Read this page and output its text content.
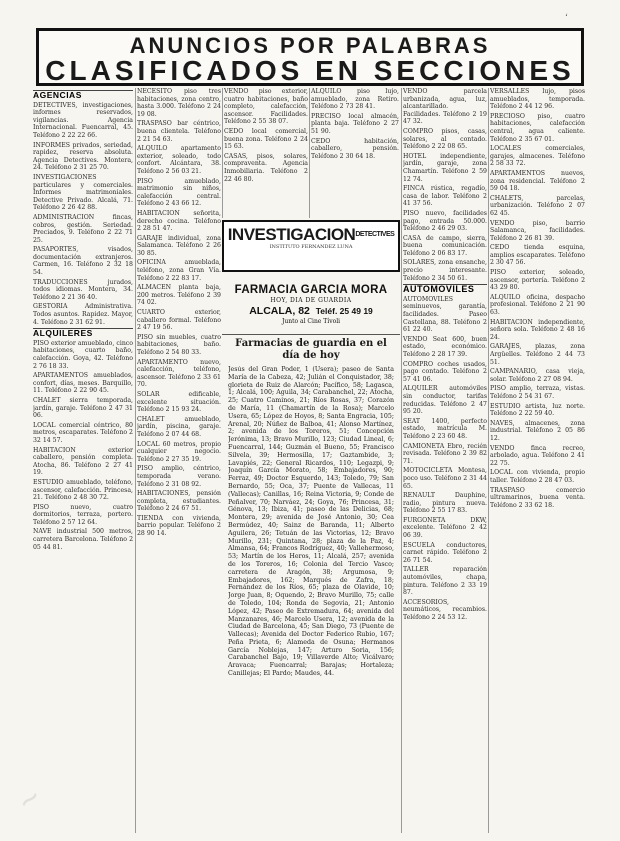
‘
ANUNCIOS POR PALABRAS
CLASIFICADOS EN SECCIONES
AGENCIAS

DETECTIVES, investigaciones, informes reservados, vigilancias. Agencia Internacional. Fuencarral, 45. Teléfono 2 22 22 66.

INFORMES privados, seriedad, rapidez, reserva absoluta. Agencia Detectives. Montera, 24. Teléfono 2 31 25 70.

INVESTIGACIONES particulares y comerciales. Informes matrimoniales. Detective Privado. Alcalá, 71. Teléfono 2 26 42 88.

ADMINISTRACION fincas, cobros, gestión. Seriedad. Preciados, 9. Teléfono 2 22 71 25.

PASAPORTES, visados, documentación extranjeros. Carmen, 16. Teléfono 2 32 18 54.

TRADUCCIONES jurados, todos idiomas. Montera, 34. Teléfono 2 21 36 40.

GESTORIA Administrativa. Todos asuntos. Rapidez. Mayor, 4. Teléfono 2 31 62 91.

ALQUILERES

PISO exterior amueblado, cinco habitaciones, cuarto baño, calefacción. Goya, 42. Teléfono 2 76 18 33.

APARTAMENTOS amueblados, confort, días, meses. Barquillo, 11. Teléfono 2 22 90 45.

CHALET sierra temporada, jardín, garaje. Teléfono 2 47 31 06.

LOCAL comercial céntrico, 80 metros, escaparates. Teléfono 2 32 14 57.

HABITACION exterior caballero, pensión completa. Atocha, 86. Teléfono 2 27 41 19.

ESTUDIO amueblado, teléfono, ascensor, calefacción. Princesa, 21. Teléfono 2 48 30 72.

PISO nuevo, cuatro dormitorios, terraza, portero. Teléfono 2 57 12 64.

NAVE industrial 500 metros, carretera Barcelona. Teléfono 2 05 44 81.

NECESITO piso tres habitaciones, zona centro, hasta 3.000. Teléfono 2 24 19 08.

TRASPASO bar céntrico, buena clientela. Teléfono 2 21 54 63.

ALQUILO apartamento exterior, soleado, todo confort. Alcántara, 38. Teléfono 2 56 03 21.

PISO amueblado, matrimonio sin niños, calefacción central. Teléfono 2 43 66 12.

HABITACION señorita, derecho cocina. Teléfono 2 28 51 47.

GARAJE individual, zona Salamanca. Teléfono 2 26 30 85.

OFICINA amueblada, teléfono, zona Gran Vía. Teléfono 2 22 83 17.

ALMACEN planta baja, 200 metros. Teléfono 2 39 74 02.

CUARTO exterior, caballero formal. Teléfono 2 47 19 56.

PISO sin muebles, cuatro habitaciones, baño. Teléfono 2 54 80 33.

APARTAMENTO nuevo, calefacción, teléfono, ascensor. Teléfono 2 33 61 70.

SOLAR edificable, excelente situación. Teléfono 2 15 93 24.

CHALET amueblado, jardín, piscina, garaje. Teléfono 2 07 44 68.

LOCAL 60 metros, propio cualquier negocio. Teléfono 2 27 35 19.

PISO amplio, céntrico, temporada verano. Teléfono 2 31 08 92.

HABITACIONES, pensión completa, estudiantes. Teléfono 2 24 67 51.

TIENDA con vivienda, barrio popular. Teléfono 2 28 90 14.

VENDO piso exterior, cuatro habitaciones, baño completo, calefacción, ascensor. Facilidades. Teléfono 2 55 38 07.

CEDO local comercial, buena zona. Teléfono 2 24 15 63.

CASAS, pisos, solares, compraventa. Agencia Inmobiliaria. Teléfono 2 22 46 80.

ALQUILO piso lujo, amueblado, zona Retiro. Teléfono 2 73 28 41.

PRECISO local almacén, planta baja. Teléfono 2 27 51 90.

CEDO habitación, caballero, pensión. Teléfono 2 30 64 18.

$INVESTIGACION^{DETECTIVES}$
INSTITUTO FERNANDEZ LUNA
FARMACIA GARCIA MORA
HOY, DIA DE GUARDIA
ALCALA, 82 Teléf. 25 49 19
Junto al Cine Tívoli
Farmacias de guardia en el día de hoy
Jesús del Gran Poder, 1 (Usera); paseo de Santa María de la Cabeza, 42; Julián el Conquistador, 38; glorieta de Ruiz de Alarcón; Pacífico, 58; Lagasca, 1; Alcalá, 100; Aguila, 34; Carabanchel, 22; Atocha, 25; Cuatro Caminos, 21; Ríos Rosas, 37; Corazón de María, 11 (Chamartín de la Rosa); Marcelo Usera, 65; López de Hoyos, 8; Santa Engracia, 105; Arenal, 20; Núñez de Balboa, 41; Alonso Martínez, 2; avenida de los Toreros, 51; Concepción Jerónima, 13; Bravo Murillo, 123; Ciudad Lineal, 6; Fuencarral, 144; Guzmán el Bueno, 55; Francisco Silvela, 39; Hermosilla, 17; Gaztambide, 3; Lavapiés, 22; General Ricardos, 110; Legazpi, 9; Joaquín García Morato, 58; Embajadores, 90; Ferraz, 49; Doctor Esquerdo, 143; Toledo, 79; San Bernardo, 55; Oca, 37; Puente de Vallecas, 11 (Vallecas); Canillas, 16; Reina Victoria, 9; Conde de Peñalver, 70; Narváez, 24; Goya, 76; Princesa, 31; Génova, 13; Ibiza, 41; paseo de las Delicias, 68; Montera, 29; avenida de José Antonio, 30; Cea Bermúdez, 40; Sainz de Baranda, 11; Alberto Aguilera, 26; Tetuán de las Victorias, 12; Bravo Murillo, 231; Quintana, 28; plaza de la Paz, 4; Almansa, 64; Francos Rodríguez, 40; Vallehermoso, 53; Martín de los Heros, 11; Alcalá, 257; avenida de los Toreros, 16; Colonia del Tercio Vasco; carretera de Aragón, 38; Argumosa, 9; Embajadores, 162; Marqués de Zafra, 18; Fernández de los Ríos, 65; plaza de Olavide, 10; Jorge Juan, 8; Oquendo, 2; Bravo Murillo, 75; calle de Toledo, 104; Ronda de Segovia, 21; Antonio López, 42; Paseo de Extremadura, 64; avenida del Manzanares, 46; Marcelo Usera, 12; avenida de la Ciudad de Barcelona, 45; San Diego, 73 (Puente de Vallecas); Avenida del Doctor Federico Rubio, 167; Peña Prieta, 6; Alameda de Osuna; Hermanos García Noblejas, 147; Arturo Soria, 156; Carabanchel Bajo, 19; Villaverde Alto; Vicálvaro; Aravaca; Fuencarral; Barajas; Hortaleza; Canillejas; El Pardo; Maudes, 44.

VENDO parcela urbanizada, agua, luz, alcantarillado. Facilidades. Teléfono 2 19 47 32.

COMPRO pisos, casas, solares, al contado. Teléfono 2 22 08 65.

HOTEL independiente, jardín, garaje, zona Chamartín. Teléfono 2 59 12 74.

FINCA rústica, regadío, casa de labor. Teléfono 2 41 37 56.

PISO nuevo, facilidades pago, entrada 50.000. Teléfono 2 46 29 03.

CASA de campo, sierra, buena comunicación. Teléfono 2 06 83 17.

SOLARES, zona ensanche, precio interesante. Teléfono 2 34 50 61.

AUTOMOVILES

AUTOMOVILES seminuevos, garantía, facilidades. Paseo Castellana, 88. Teléfono 2 61 22 40.

VENDO Seat 600, buen estado, económico. Teléfono 2 28 17 39.

COMPRO coches usados, pago contado. Teléfono 2 57 41 06.

ALQUILER automóviles sin conductor, tarifas reducidas. Teléfono 2 47 95 20.

SEAT 1400, perfecto estado, matrícula M. Teléfono 2 23 60 48.

CAMIONETA Ebro, recién revisada. Teléfono 2 39 82 71.

MOTOCICLETA Montesa, poco uso. Teléfono 2 31 44 65.

RENAULT Dauphine, radio, pintura nueva. Teléfono 2 55 17 83.

FURGONETA DKW, excelente. Teléfono 2 42 06 39.

ESCUELA conductores, carnet rápido. Teléfono 2 26 71 54.

TALLER reparación automóviles, chapa, pintura. Teléfono 2 33 19 87.

ACCESORIOS, neumáticos, recambios. Teléfono 2 24 53 12.

VERSALLES lujo, pisos amueblados, temporada. Teléfono 2 44 12 96.

PRECIOSO piso, cuatro habitaciones, calefacción central, agua caliente. Teléfono 2 35 67 01.

LOCALES comerciales, garajes, almacenes. Teléfono 2 58 33 72.

APARTAMENTOS nuevos, zona residencial. Teléfono 2 59 04 18.

CHALETS, parcelas, urbanización. Teléfono 2 07 62 45.

VENDO piso, barrio Salamanca, facilidades. Teléfono 2 26 81 39.

CEDO tienda esquina, amplios escaparates. Teléfono 2 30 47 56.

PISO exterior, soleado, ascensor, portería. Teléfono 2 43 29 80.

ALQUILO oficina, despacho profesional. Teléfono 2 21 90 63.

HABITACION independiente, señora sola. Teléfono 2 48 16 24.

GARAJES, plazas, zona Argüelles. Teléfono 2 44 73 51.

CAMPANARIO, casa vieja, solar. Teléfono 2 27 08 94.

PISO amplio, terraza, vistas. Teléfono 2 54 31 67.

ESTUDIO artista, luz norte. Teléfono 2 22 59 40.

NAVES, almacenes, zona industrial. Teléfono 2 05 86 12.

VENDO finca recreo, arbolado, agua. Teléfono 2 41 22 75.

LOCAL con vivienda, propio taller. Teléfono 2 28 47 03.

TRASPASO comercio ultramarinos, buena venta. Teléfono 2 33 62 18.

~
